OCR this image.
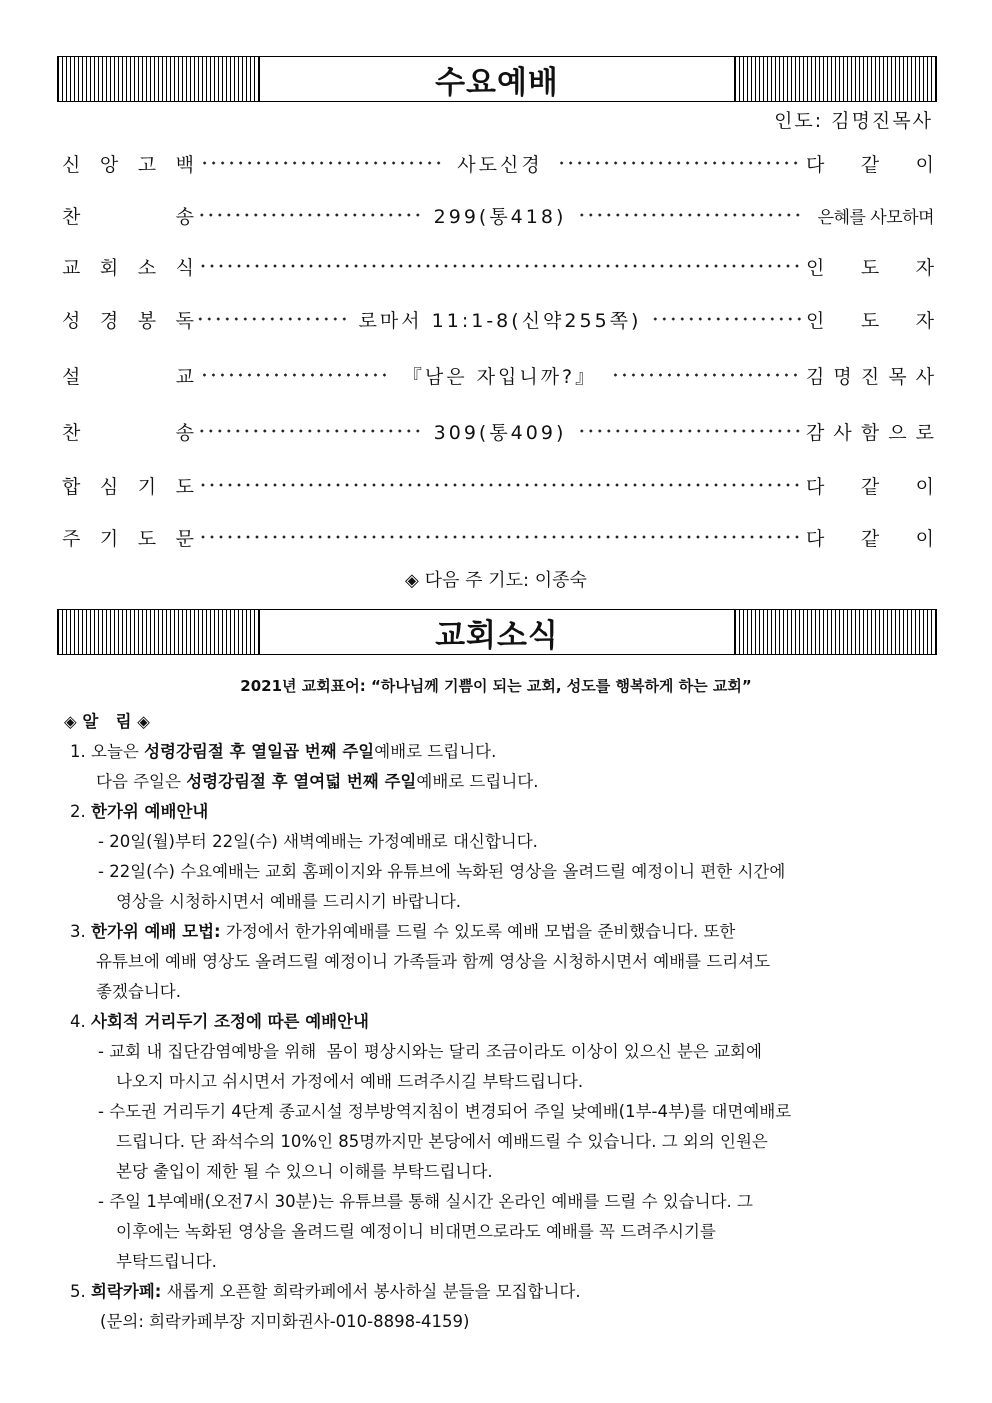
수요예배
인도: 김명진목사
신 앙 고 백	사도신경	다 같 이
찬	송	299(통418)	은혜를 사모하며
교 회 소 식	인 도 자
성 경 봉 독	로마서 11:1-8(신약255쪽)	인 도 자
설	교	『남은 자입니까?』	김 명 진 목 사
찬	송	309(통409)	감 사 함 으 로
합 심 기 도	다 같 이
주 기 도 문	다 같 이
◈ 다음 주 기도: 이종숙
교회소식
2021년 교회표어: “하나님께 기쁨이 되는 교회, 성도를 행복하게 하는 교회”
◈ 알   림 ◈
1. 오늘은 성령강림절 후 열일곱 번째 주일예배로 드립니다.
다음 주일은 성령강림절 후 열여덟 번째 주일예배로 드립니다.
2. 한가위 예배안내
- 20일(월)부터 22일(수) 새벽예배는 가정예배로 대신합니다.
- 22일(수) 수요예배는 교회 홈페이지와 유튜브에 녹화된 영상을 올려드릴 예정이니 편한 시간에
영상을 시청하시면서 예배를 드리시기 바랍니다.
3. 한가위 예배 모법: 가정에서 한가위예배를 드릴 수 있도록 예배 모법을 준비했습니다. 또한
유튜브에 예배 영상도 올려드릴 예정이니 가족들과 함께 영상을 시청하시면서 예배를 드리셔도
좋겠습니다.
4. 사회적 거리두기 조정에 따른 예배안내
- 교회 내 집단감염예방을 위해  몸이 평상시와는 달리 조금이라도 이상이 있으신 분은 교회에
나오지 마시고 쉬시면서 가정에서 예배 드려주시길 부탁드립니다.
- 수도권 거리두기 4단계 종교시설 정부방역지침이 변경되어 주일 낮예배(1부-4부)를 대면예배로
드립니다. 단 좌석수의 10%인 85명까지만 본당에서 예배드릴 수 있습니다. 그 외의 인원은
본당 출입이 제한 될 수 있으니 이해를 부탁드립니다.
- 주일 1부예배(오전7시 30분)는 유튜브를 통해 실시간 온라인 예배를 드릴 수 있습니다. 그
이후에는 녹화된 영상을 올려드릴 예정이니 비대면으로라도 예배를 꼭 드려주시기를
부탁드립니다.
5. 희락카페: 새롭게 오픈할 희락카페에서 봉사하실 분들을 모집합니다.
(문의: 희락카페부장 지미화권사-010-8898-4159)
